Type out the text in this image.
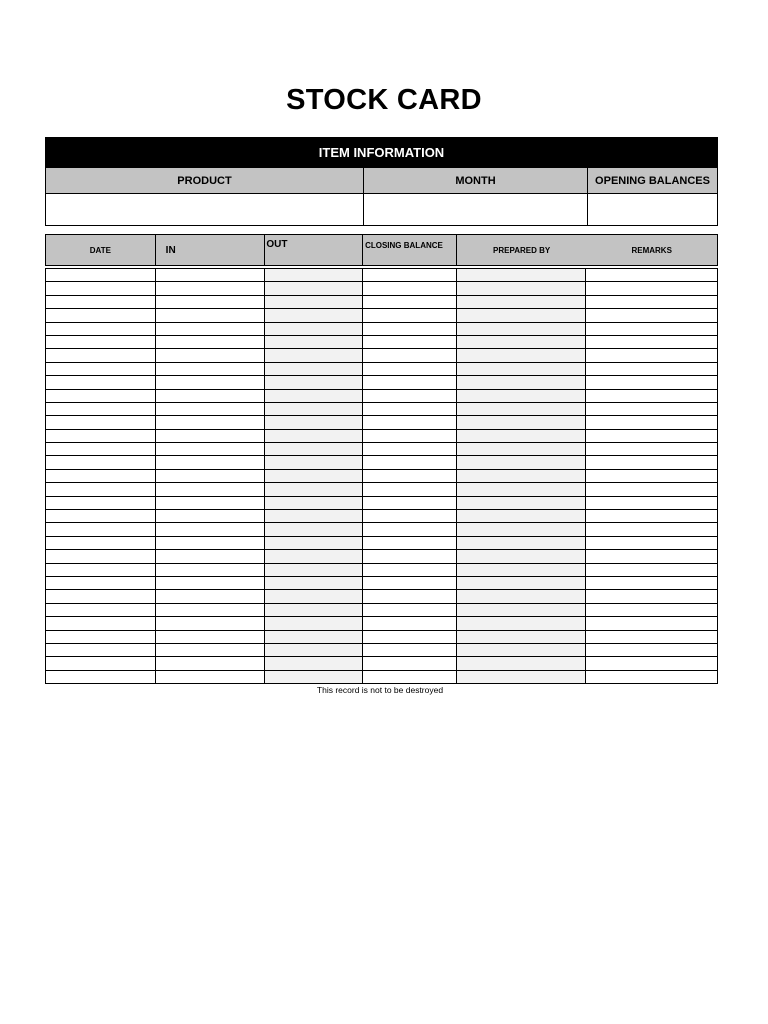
STOCK CARD
ITEM INFORMATION
PRODUCT	MONTH	OPENING BALANCES
DATE	IN	OUT	CLOSING BALANCE	PREPARED BY	REMARKS
This record is not to be destroyed
